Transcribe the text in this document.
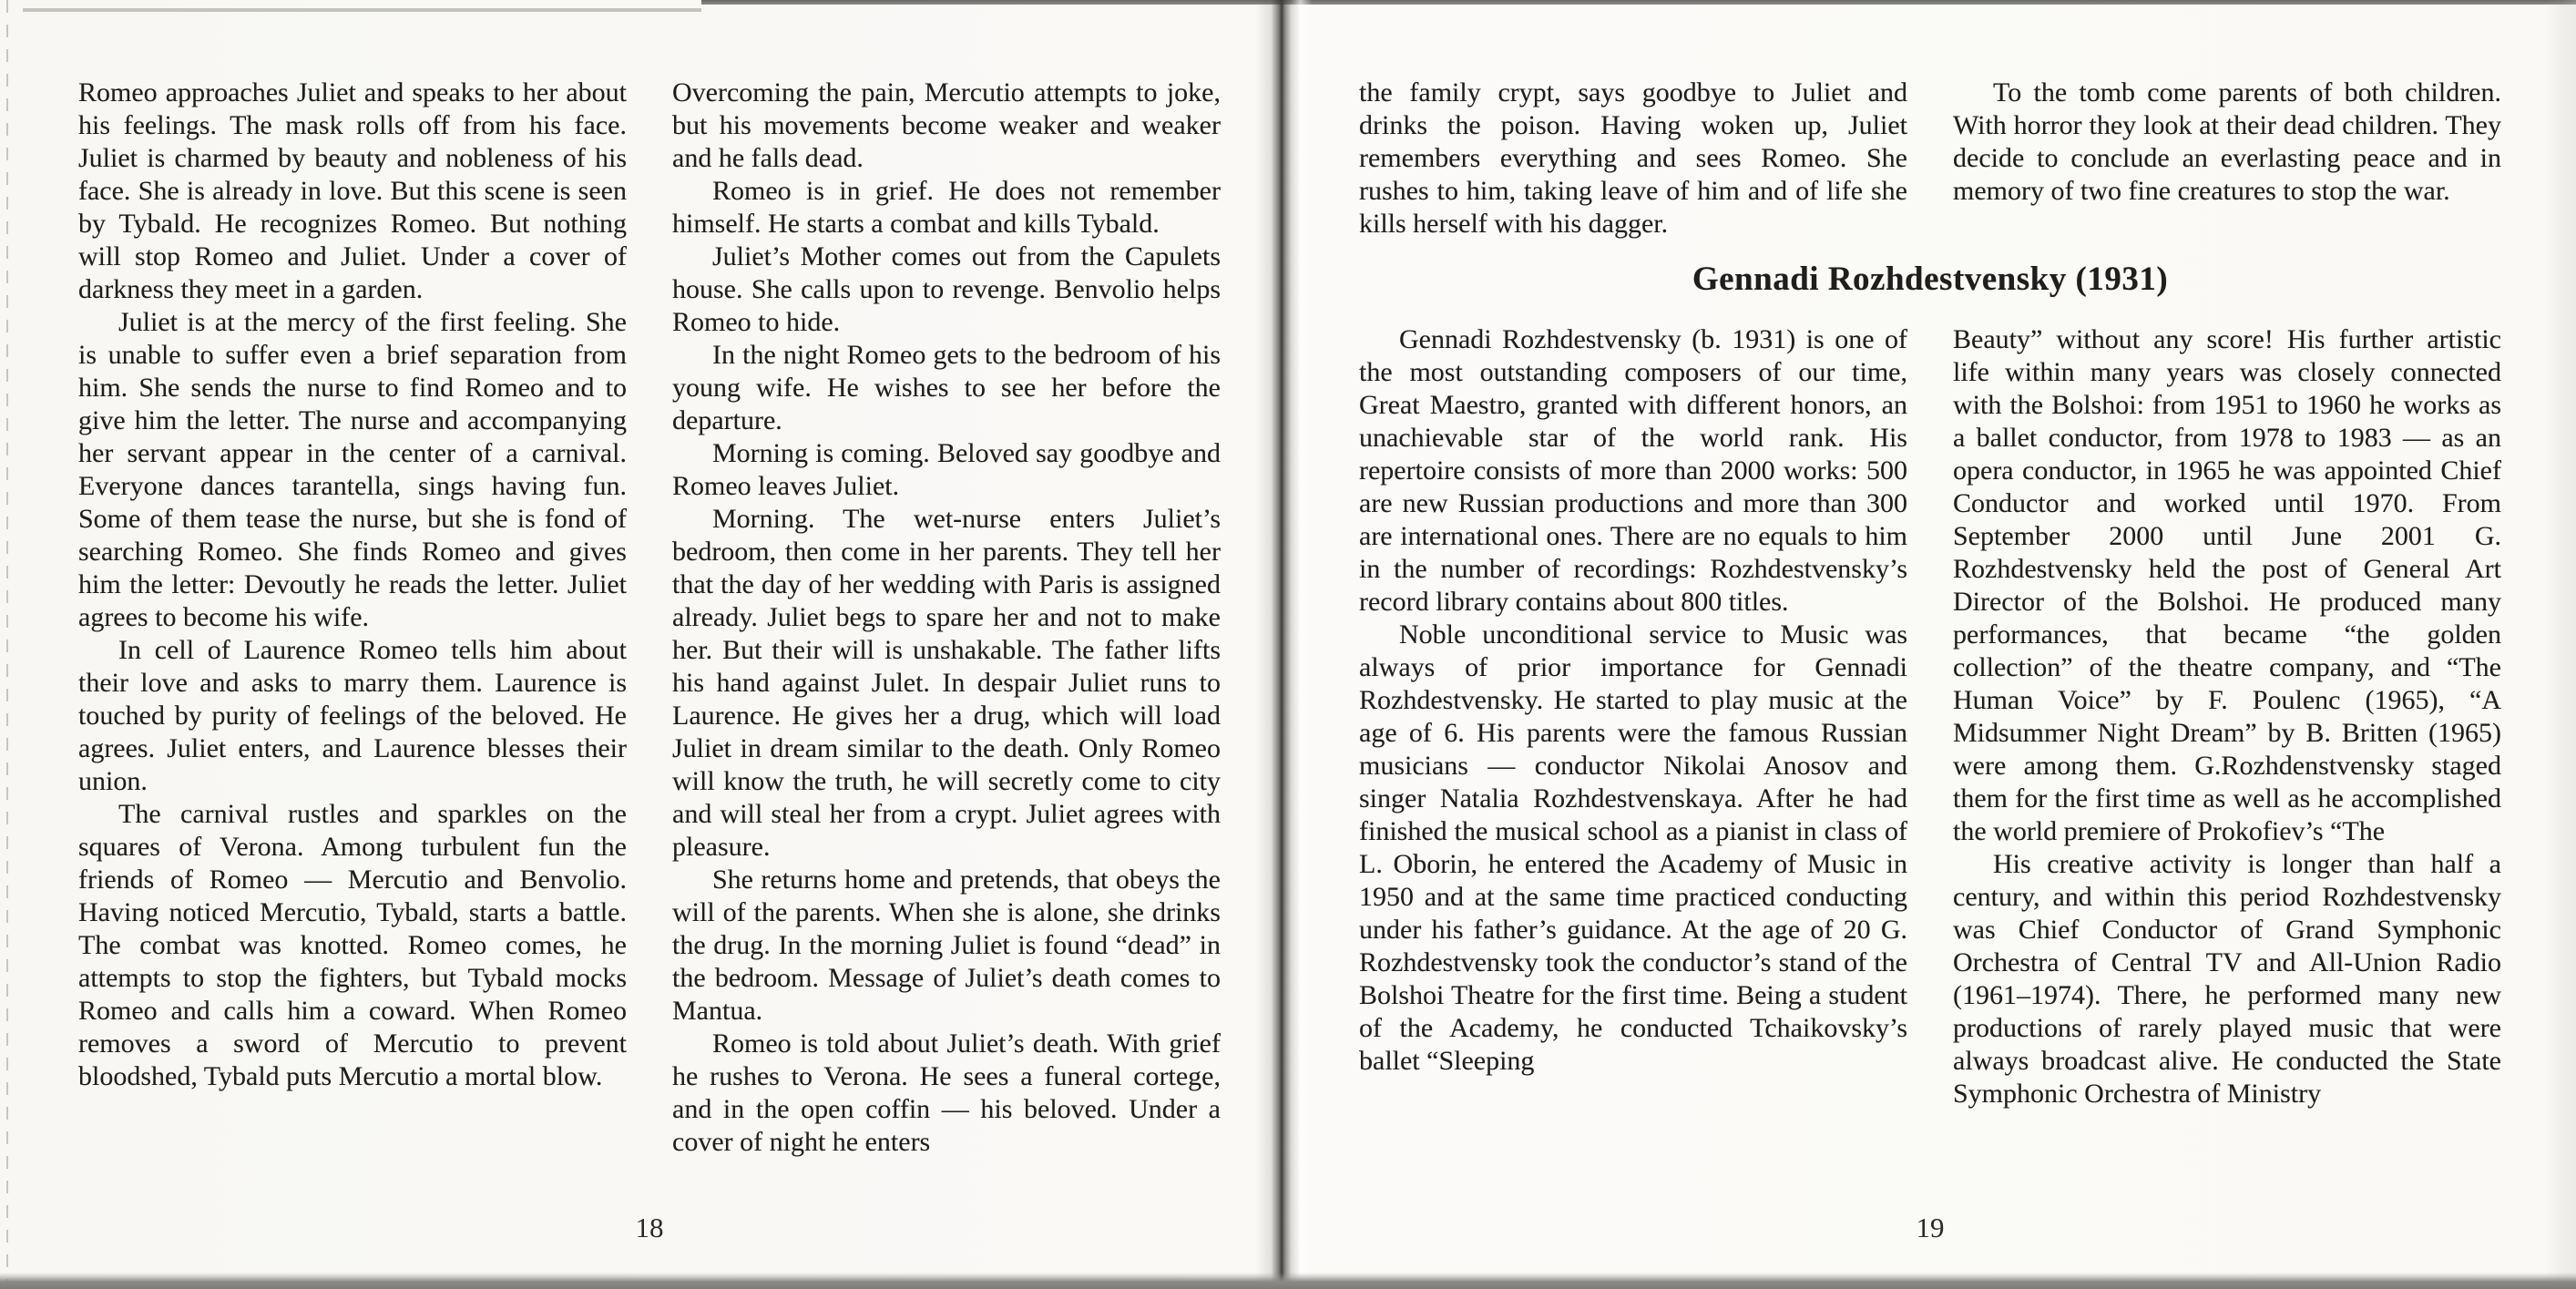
Romeo approaches Juliet and speaks to her about his feelings. The mask rolls off from his face. Juliet is charmed by beauty and nobleness of his face. She is already in love. But this scene is seen by Tybald. He recognizes Romeo. But nothing will stop Romeo and Juliet. Under a cover of darkness they meet in a garden.

Juliet is at the mercy of the first feeling. She is unable to suffer even a brief separation from him. She sends the nurse to find Romeo and to give him the letter. The nurse and accompanying her servant appear in the center of a carnival. Everyone dances tarantella, sings having fun. Some of them tease the nurse, but she is fond of searching Romeo. She finds Romeo and gives him the letter: Devoutly he reads the letter. Juliet agrees to become his wife.

In cell of Laurence Romeo tells him about their love and asks to marry them. Laurence is touched by purity of feelings of the beloved. He agrees. Juliet enters, and Laurence blesses their union.

The carnival rustles and sparkles on the squares of Verona. Among turbulent fun the friends of Romeo — Mercutio and Benvolio. Having noticed Mercutio, Tybald, starts a battle. The combat was knotted. Romeo comes, he attempts to stop the fighters, but Tybald mocks Romeo and calls him a coward. When Romeo removes a sword of Mercutio to prevent bloodshed, Tybald puts Mercutio a mortal blow.

Overcoming the pain, Mercutio attempts to joke, but his movements become weaker and weaker and he falls dead.

Romeo is in grief. He does not remember himself. He starts a combat and kills Tybald.

Juliet’s Mother comes out from the Capulets house. She calls upon to revenge. Benvolio helps Romeo to hide.

In the night Romeo gets to the bedroom of his young wife. He wishes to see her before the departure.

Morning is coming. Beloved say goodbye and Romeo leaves Juliet.

Morning. The wet-nurse enters Juliet’s bedroom, then come in her parents. They tell her that the day of her wedding with Paris is assigned already. Juliet begs to spare her and not to make her. But their will is unshakable. The father lifts his hand against Julet. In despair Juliet runs to Laurence. He gives her a drug, which will load Juliet in dream similar to the death. Only Romeo will know the truth, he will secretly come to city and will steal her from a crypt. Juliet agrees with pleasure.

She returns home and pretends, that obeys the will of the parents. When she is alone, she drinks the drug. In the morning Juliet is found “dead” in the bedroom. Message of Juliet’s death comes to Mantua.

Romeo is told about Juliet’s death. With grief he rushes to Verona. He sees a funeral cortege, and in the open coffin — his beloved. Under a cover of night he enters

18

the family crypt, says goodbye to Juliet and drinks the poison. Having woken up, Juliet remembers everything and sees Romeo. She rushes to him, taking leave of him and of life she kills herself with his dagger.

To the tomb come parents of both children. With horror they look at their dead children. They decide to conclude an everlasting peace and in memory of two fine creatures to stop the war.

Gennadi Rozhdestvensky (1931)

Gennadi Rozhdestvensky (b. 1931) is one of the most outstanding composers of our time, Great Maestro, granted with different honors, an unachievable star of the world rank. His repertoire consists of more than 2000 works: 500 are new Russian productions and more than 300 are international ones. There are no equals to him in the number of recordings: Rozhdestvensky’s record library contains about 800 titles.

Noble unconditional service to Music was always of prior importance for Gennadi Rozhdestvensky. He started to play music at the age of 6. His parents were the famous Russian musicians — conductor Nikolai Anosov and singer Natalia Rozhdestvenskaya. After he had finished the musical school as a pianist in class of L. Oborin, he entered the Academy of Music in 1950 and at the same time practiced conducting under his father’s guidance. At the age of 20 G. Rozhdestvensky took the conductor’s stand of the Bolshoi Theatre for the first time. Being a student of the Academy, he conducted Tchaikovsky’s ballet “Sleeping

Beauty” without any score! His further artistic life within many years was closely connected with the Bolshoi: from 1951 to 1960 he works as a ballet conductor, from 1978 to 1983 — as an opera conductor, in 1965 he was appointed Chief Conductor and worked until 1970. From September 2000 until June 2001 G. Rozhdestvensky held the post of General Art Director of the Bolshoi. He produced many performances, that became “the golden collection” of the theatre company, and “The Human Voice” by F. Poulenc (1965), “A Midsummer Night Dream” by B. Britten (1965) were among them. G.Rozhdenstvensky staged them for the first time as well as he accomplished the world premiere of Prokofiev’s “The

His creative activity is longer than half a century, and within this period Rozhdestvensky was Chief Conductor of Grand Symphonic Orchestra of Central TV and All-Union Radio (1961–1974). There, he performed many new productions of rarely played music that were always broadcast alive. He conducted the State Symphonic Orchestra of Ministry

19
